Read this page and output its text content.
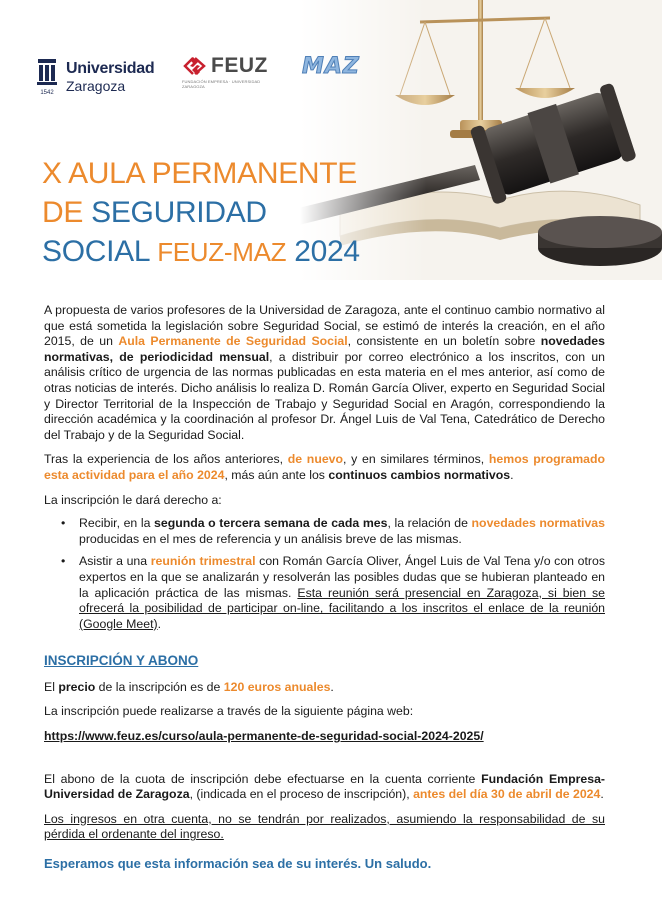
1542
Universidad
Zaragoza
FEUZ
FUNDACIÓN EMPRESA · UNIVERSIDAD ZARAGOZA
MAZ
X AULA PERMANENTE
DE SEGURIDAD
SOCIAL FEUZ-MAZ 2024

A propuesta de varios profesores de la Universidad de Zaragoza, ante el continuo cambio normativo al que está sometida la legislación sobre Seguridad Social, se estimó de interés la creación, en el año 2015, de un Aula Permanente de Seguridad Social, consistente en un boletín sobre novedades normativas, de periodicidad mensual, a distribuir por correo electrónico a los inscritos, con un análisis crítico de urgencia de las normas publicadas en esta materia en el mes anterior, así como de otras noticias de interés. Dicho análisis lo realiza D. Román García Oliver, experto en Seguridad Social y Director Territorial de la Inspección de Trabajo y Seguridad Social en Aragón, correspondiendo la dirección académica y la coordinación al profesor Dr. Ángel Luis de Val Tena, Catedrático de Derecho del Trabajo y de la Seguridad Social.

Tras la experiencia de los años anteriores, de nuevo, y en similares términos, hemos programado esta actividad para el año 2024, más aún ante los continuos cambios normativos.

La inscripción le dará derecho a:

• Recibir, en la segunda o tercera semana de cada mes, la relación de novedades normativas producidas en el mes de referencia y un análisis breve de las mismas.
• Asistir a una reunión trimestral con Román García Oliver, Ángel Luis de Val Tena y/o con otros expertos en la que se analizarán y resolverán las posibles dudas que se hubieran planteado en la aplicación práctica de las mismas. Esta reunión será presencial en Zaragoza, si bien se ofrecerá la posibilidad de participar on-line, facilitando a los inscritos el enlace de la reunión (Google Meet).

INSCRIPCIÓN Y ABONO

El precio de la inscripción es de 120 euros anuales.

La inscripción puede realizarse a través de la siguiente página web:

https://www.feuz.es/curso/aula-permanente-de-seguridad-social-2024-2025/

El abono de la cuota de inscripción debe efectuarse en la cuenta corriente Fundación Empresa-Universidad de Zaragoza, (indicada en el proceso de inscripción), antes del día 30 de abril de 2024.

Los ingresos en otra cuenta, no se tendrán por realizados, asumiendo la responsabilidad de su pérdida el ordenante del ingreso.

Esperamos que esta información sea de su interés. Un saludo.
